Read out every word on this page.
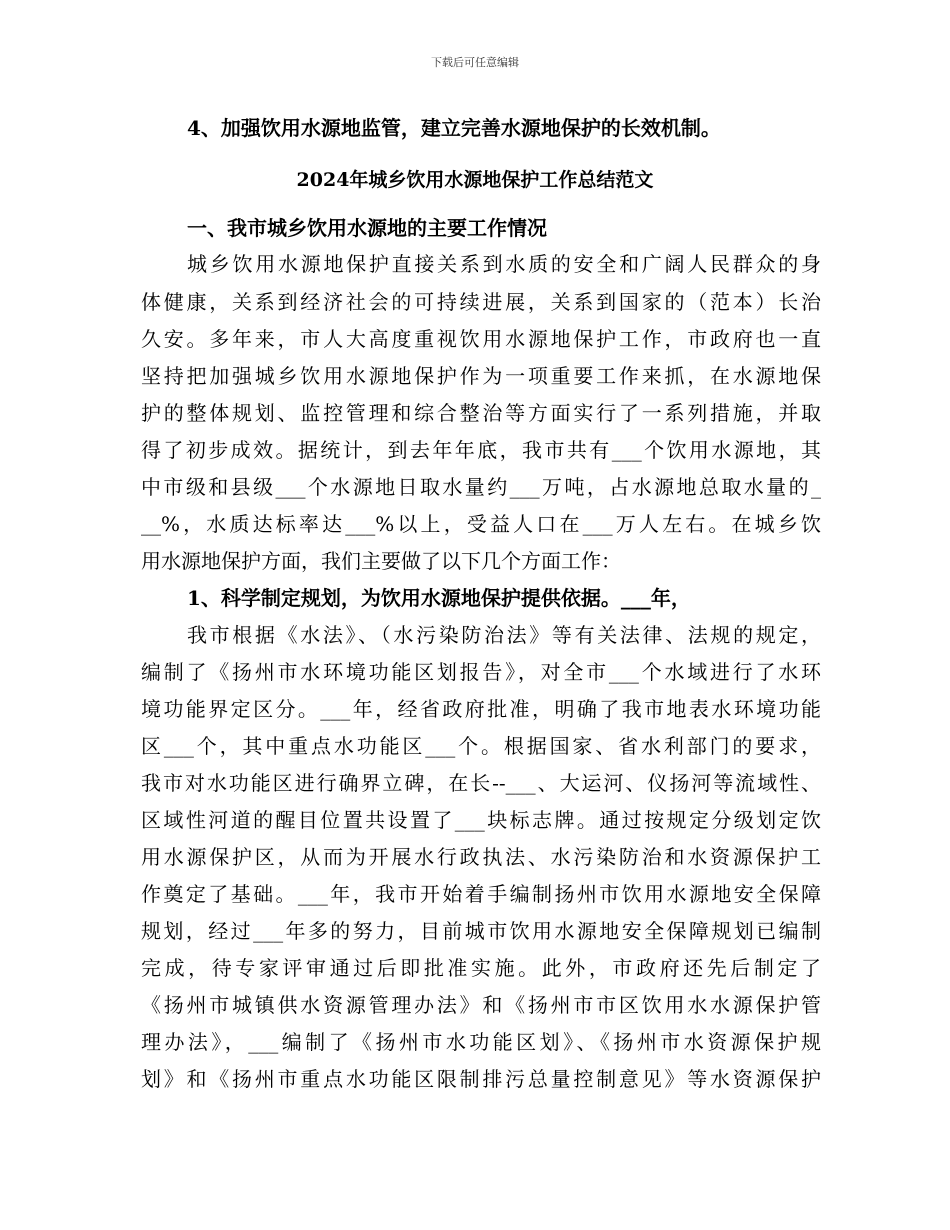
下载后可任意编辑
4、加强饮用水源地监管，建立完善水源地保护的长效机制。
2024年城乡饮用水源地保护工作总结范文
一、我市城乡饮用水源地的主要工作情况
城乡饮用水源地保护直接关系到水质的安全和广阔人民群众的身
体健康，关系到经济社会的可持续进展，关系到国家的（范本）长治
久安。多年来，市人大高度重视饮用水源地保护工作，市政府也一直
坚持把加强城乡饮用水源地保护作为一项重要工作来抓，在水源地保
护的整体规划、监控管理和综合整治等方面实行了一系列措施，并取
得了初步成效。据统计，到去年年底，我市共有___个饮用水源地，其
中市级和县级___个水源地日取水量约___万吨，占水源地总取水量的_
__%，水质达标率达___%以上，受益人口在___万人左右。在城乡饮
用水源地保护方面，我们主要做了以下几个方面工作：
1、科学制定规划，为饮用水源地保护提供依据。___年，
我市根据《水法》、（水污染防治法》等有关法律、法规的规定，
编制了《扬州市水环境功能区划报告》，对全市___个水域进行了水环
境功能界定区分。___年，经省政府批准，明确了我市地表水环境功能
区___个，其中重点水功能区___个。根据国家、省水利部门的要求，
我市对水功能区进行确界立碑，在长--___、大运河、仪扬河等流域性、
区域性河道的醒目位置共设置了___块标志牌。通过按规定分级划定饮
用水源保护区，从而为开展水行政执法、水污染防治和水资源保护工
作奠定了基础。___年，我市开始着手编制扬州市饮用水源地安全保障
规划，经过___年多的努力，目前城市饮用水源地安全保障规划已编制
完成，待专家评审通过后即批准实施。此外，市政府还先后制定了
《扬州市城镇供水资源管理办法》和《扬州市市区饮用水水源保护管
理办法》，___编制了《扬州市水功能区划》、《扬州市水资源保护规
划》和《扬州市重点水功能区限制排污总量控制意见》等水资源保护
